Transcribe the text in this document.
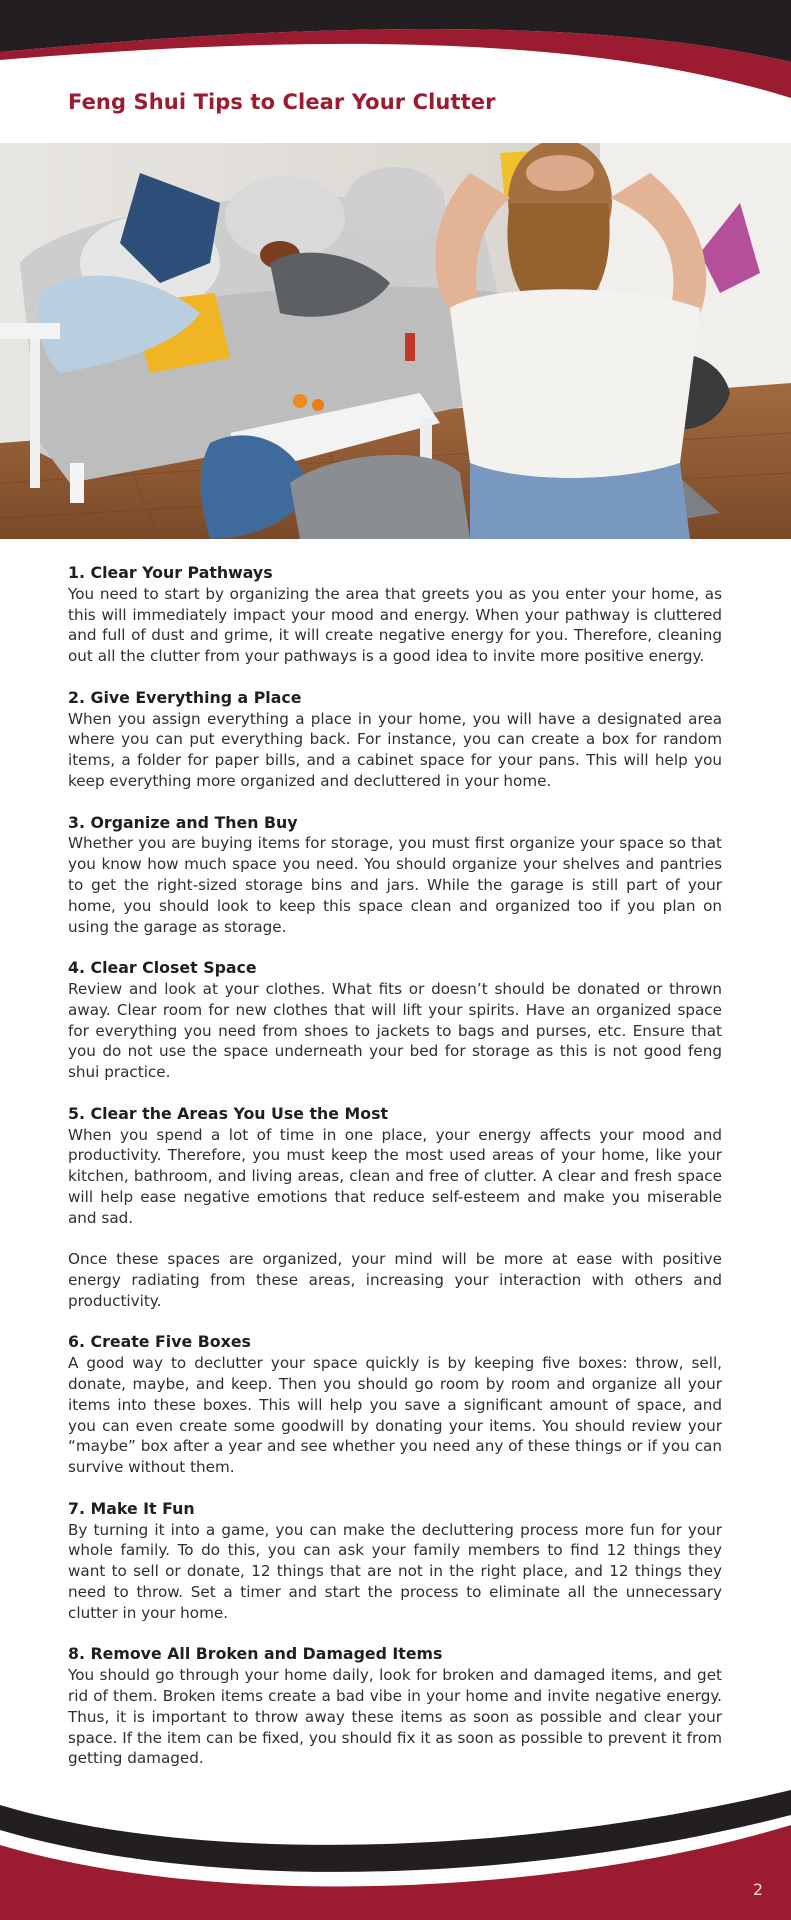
Feng Shui Tips to Clear Your Clutter
1. Clear Your Pathways

You need to start by organizing the area that greets you as you enter your home, as this will immediately impact your mood and energy. When your pathway is cluttered and full of dust and grime, it will create negative energy for you. Therefore, cleaning out all the clutter from your pathways is a good idea to invite more positive energy.

2. Give Everything a Place

When you assign everything a place in your home, you will have a designated area where you can put everything back. For instance, you can create a box for random items, a folder for paper bills, and a cabinet space for your pans. This will help you keep everything more organized and decluttered in your home.

3. Organize and Then Buy

Whether you are buying items for storage, you must first organize your space so that you know how much space you need. You should organize your shelves and pantries to get the right-sized storage bins and jars. While the garage is still part of your home, you should look to keep this space clean and organized too if you plan on using the garage as storage.

4. Clear Closet Space

Review and look at your clothes. What fits or doesn’t should be donated or thrown away. Clear room for new clothes that will lift your spirits. Have an organized space for everything you need from shoes to jackets to bags and purses, etc. Ensure that you do not use the space underneath your bed for storage as this is not good feng shui practice.

5. Clear the Areas You Use the Most

When you spend a lot of time in one place, your energy affects your mood and productivity. Therefore, you must keep the most used areas of your home, like your kitchen, bathroom, and living areas, clean and free of clutter. A clear and fresh space will help ease negative emotions that reduce self-esteem and make you miserable and sad.

Once these spaces are organized, your mind will be more at ease with positive energy radiating from these areas, increasing your interaction with others and productivity.

6. Create Five Boxes

A good way to declutter your space quickly is by keeping five boxes: throw, sell, donate, maybe, and keep. Then you should go room by room and organize all your items into these boxes. This will help you save a significant amount of space, and you can even create some goodwill by donating your items. You should review your “maybe” box after a year and see whether you need any of these things or if you can survive without them.

7. Make It Fun

By turning it into a game, you can make the decluttering process more fun for your whole family. To do this, you can ask your family members to find 12 things they want to sell or donate, 12 things that are not in the right place, and 12 things they need to throw. Set a timer and start the process to eliminate all the unnecessary clutter in your home.

8. Remove All Broken and Damaged Items

You should go through your home daily, look for broken and damaged items, and get rid of them. Broken items create a bad vibe in your home and invite negative energy. Thus, it is important to throw away these items as soon as possible and clear your space. If the item can be fixed, you should fix it as soon as possible to prevent it from getting damaged.

2
